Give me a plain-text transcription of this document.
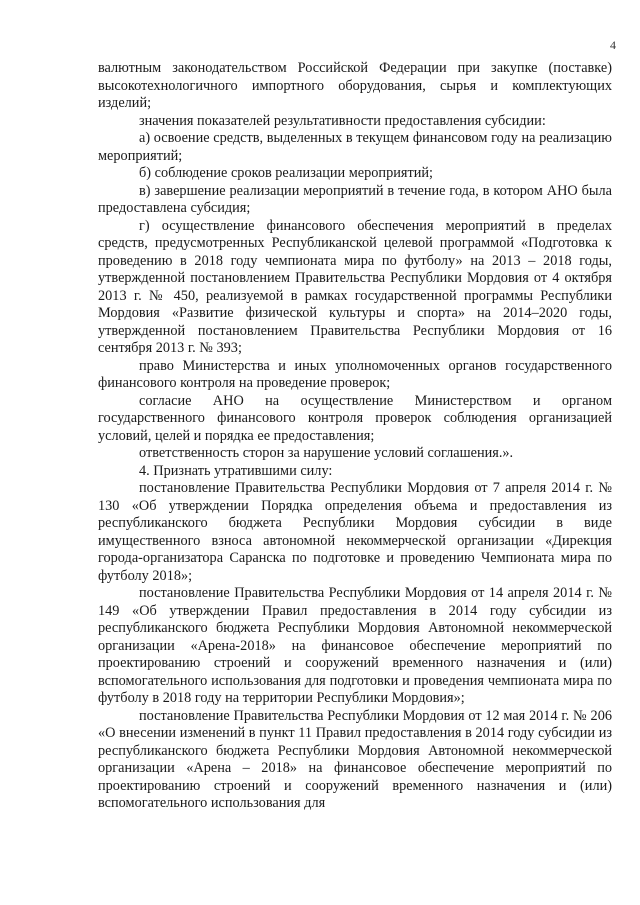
4

валютным законодательством Российской Федерации при закупке (поставке) высокотехнологичного импортного оборудования, сырья и комплектующих изделий;

значения показателей результативности предоставления субсидии:

а) освоение средств, выделенных в текущем финансовом году на реализацию мероприятий;

б) соблюдение сроков реализации мероприятий;

в) завершение реализации мероприятий в течение года, в котором АНО была предоставлена субсидия;

г) осуществление финансового обеспечения мероприятий в пределах средств, предусмотренных Республиканской целевой программой «Подготовка к проведению в 2018 году чемпионата мира по футболу» на 2013 – 2018 годы, утвержденной постановлением Правительства Республики Мордовия от 4 октября 2013 г. № 450, реализуемой в рамках государственной программы Республики Мордовия «Развитие физической культуры и спорта» на 2014–2020 годы, утвержденной постановлением Правительства Республики Мордовия от 16 сентября 2013 г. № 393;

право Министерства и иных уполномоченных органов государственного финансового контроля на проведение проверок;

согласие АНО на осуществление Министерством и органом государственного финансового контроля проверок соблюдения организацией условий, целей и порядка ее предоставления;

ответственность сторон за нарушение условий соглашения.».

4. Признать утратившими силу:

постановление Правительства Республики Мордовия от 7 апреля 2014 г. № 130 «Об утверждении Порядка определения объема и предоставления из республиканского бюджета Республики Мордовия субсидии в виде имущественного взноса автономной некоммерческой организации «Дирекция города-организатора Саранска по подготовке и проведению Чемпионата мира по футболу 2018»;

постановление Правительства Республики Мордовия от 14 апреля 2014 г. № 149 «Об утверждении Правил предоставления в 2014 году субсидии из республиканского бюджета Республики Мордовия Автономной некоммерческой организации «Арена-2018» на финансовое обеспечение мероприятий по проектированию строений и сооружений временного назначения и (или) вспомогательного использования для подготовки и проведения чемпионата мира по футболу в 2018 году на территории Республики Мордовия»;

постановление Правительства Республики Мордовия от 12 мая 2014 г. № 206 «О внесении изменений в пункт 11 Правил предоставления в 2014 году субсидии из республиканского бюджета Республики Мордовия Автономной некоммерческой организации «Арена – 2018» на финансовое обеспечение мероприятий по проектированию строений и сооружений временного назначения и (или) вспомогательного использования для
